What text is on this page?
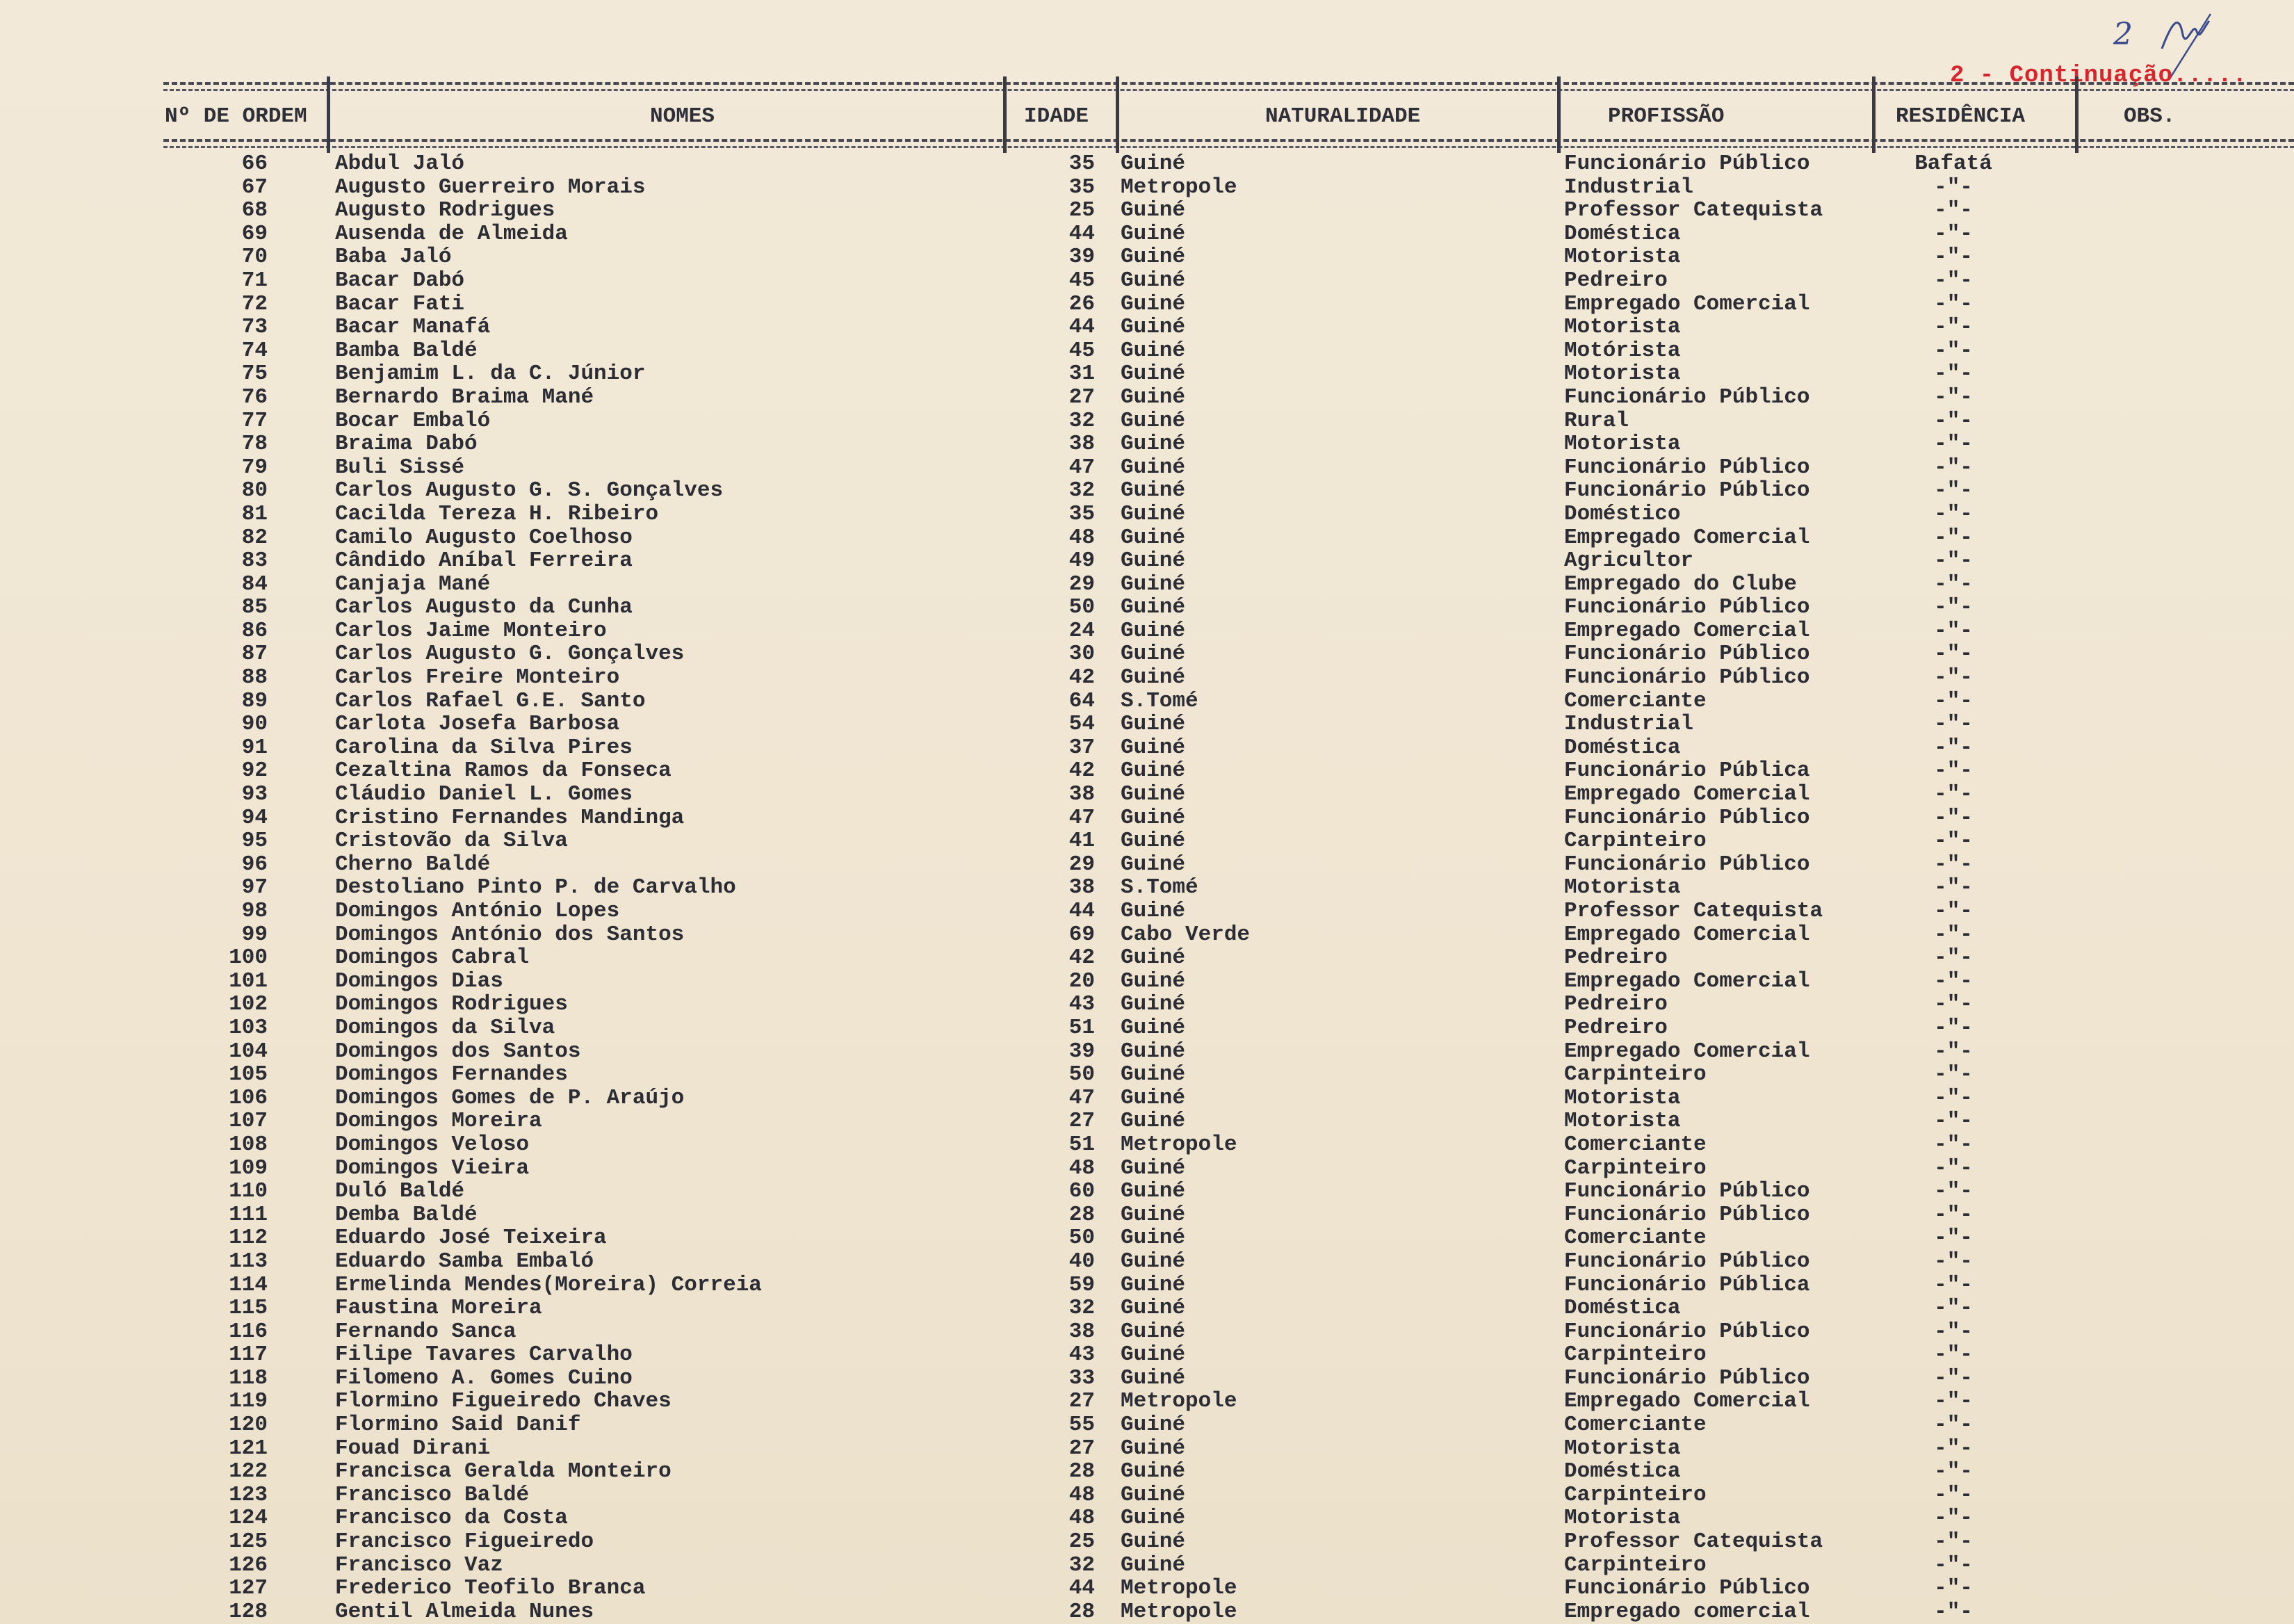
2
2 - Continuação.....
Nº DE ORDEM	NOMES	IDADE	NATURALIDADE	PROFISSÃO	RESIDÊNCIA	OBS.
66	Abdul Jaló	35 Guiné	Funcionário Público	Bafatá
67	Augusto Guerreiro Morais	35 Metropole	Industrial	-"-
68	Augusto Rodrigues	25 Guiné	Professor Catequista	-"-
69	Ausenda de Almeida	44 Guiné	Doméstica	-"-
70	Baba Jaló	39 Guiné	Motorista	-"-
71	Bacar Dabó	45 Guiné	Pedreiro	-"-
72	Bacar Fati	26 Guiné	Empregado Comercial	-"-
73	Bacar Manafá	44 Guiné	Motorista	-"-
74	Bamba Baldé	45 Guiné	Motórista	-"-
75	Benjamim L. da C. Júnior	31 Guiné	Motorista	-"-
76	Bernardo Braima Mané	27 Guiné	Funcionário Público	-"-
77	Bocar Embaló	32 Guiné	Rural	-"-
78	Braima Dabó	38 Guiné	Motorista	-"-
79	Buli Sissé	47 Guiné	Funcionário Público	-"-
80	Carlos Augusto G. S. Gonçalves	32 Guiné	Funcionário Público	-"-
81	Cacilda Tereza H. Ribeiro	35 Guiné	Doméstico	-"-
82	Camilo Augusto Coelhoso	48 Guiné	Empregado Comercial	-"-
83	Cândido Aníbal Ferreira	49 Guiné	Agricultor	-"-
84	Canjaja Mané	29 Guiné	Empregado do Clube	-"-
85	Carlos Augusto da Cunha	50 Guiné	Funcionário Público	-"-
86	Carlos Jaime Monteiro	24 Guiné	Empregado Comercial	-"-
87	Carlos Augusto G. Gonçalves	30 Guiné	Funcionário Público	-"-
88	Carlos Freire Monteiro	42 Guiné	Funcionário Público	-"-
89	Carlos Rafael G.E. Santo	64 S.Tomé	Comerciante	-"-
90	Carlota Josefa Barbosa	54 Guiné	Industrial	-"-
91	Carolina da Silva Pires	37 Guiné	Doméstica	-"-
92	Cezaltina Ramos da Fonseca	42 Guiné	Funcionário Pública	-"-
93	Cláudio Daniel L. Gomes	38 Guiné	Empregado Comercial	-"-
94	Cristino Fernandes Mandinga	47 Guiné	Funcionário Público	-"-
95	Cristovão da Silva	41 Guiné	Carpinteiro	-"-
96	Cherno Baldé	29 Guiné	Funcionário Público	-"-
97	Destoliano Pinto P. de Carvalho	38 S.Tomé	Motorista	-"-
98	Domingos António Lopes	44 Guiné	Professor Catequista	-"-
99	Domingos António dos Santos	69 Cabo Verde	Empregado Comercial	-"-
100	Domingos Cabral	42 Guiné	Pedreiro	-"-
101	Domingos Dias	20 Guiné	Empregado Comercial	-"-
102	Domingos Rodrigues	43 Guiné	Pedreiro	-"-
103	Domingos da Silva	51 Guiné	Pedreiro	-"-
104	Domingos dos Santos	39 Guiné	Empregado Comercial	-"-
105	Domingos Fernandes	50 Guiné	Carpinteiro	-"-
106	Domingos Gomes de P. Araújo	47 Guiné	Motorista	-"-
107	Domingos Moreira	27 Guiné	Motorista	-"-
108	Domingos Veloso	51 Metropole	Comerciante	-"-
109	Domingos Vieira	48 Guiné	Carpinteiro	-"-
110	Duló Baldé	60 Guiné	Funcionário Público	-"-
111	Demba Baldé	28 Guiné	Funcionário Público	-"-
112	Eduardo José Teixeira	50 Guiné	Comerciante	-"-
113	Eduardo Samba Embaló	40 Guiné	Funcionário Público	-"-
114	Ermelinda Mendes(Moreira) Correia	59 Guiné	Funcionário Pública	-"-
115	Faustina Moreira	32 Guiné	Doméstica	-"-
116	Fernando Sanca	38 Guiné	Funcionário Público	-"-
117	Filipe Tavares Carvalho	43 Guiné	Carpinteiro	-"-
118	Filomeno A. Gomes Cuino	33 Guiné	Funcionário Público	-"-
119	Flormino Figueiredo Chaves	27 Metropole	Empregado Comercial	-"-
120	Flormino Said Danif	55 Guiné	Comerciante	-"-
121	Fouad Dirani	27 Guiné	Motorista	-"-
122	Francisca Geralda Monteiro	28 Guiné	Doméstica	-"-
123	Francisco Baldé	48 Guiné	Carpinteiro	-"-
124	Francisco da Costa	48 Guiné	Motorista	-"-
125	Francisco Figueiredo	25 Guiné	Professor Catequista	-"-
126	Francisco Vaz	32 Guiné	Carpinteiro	-"-
127	Frederico Teofilo Branca	44 Metropole	Funcionário Público	-"-
128	Gentil Almeida Nunes	28 Metropole	Empregado comercial	-"-
